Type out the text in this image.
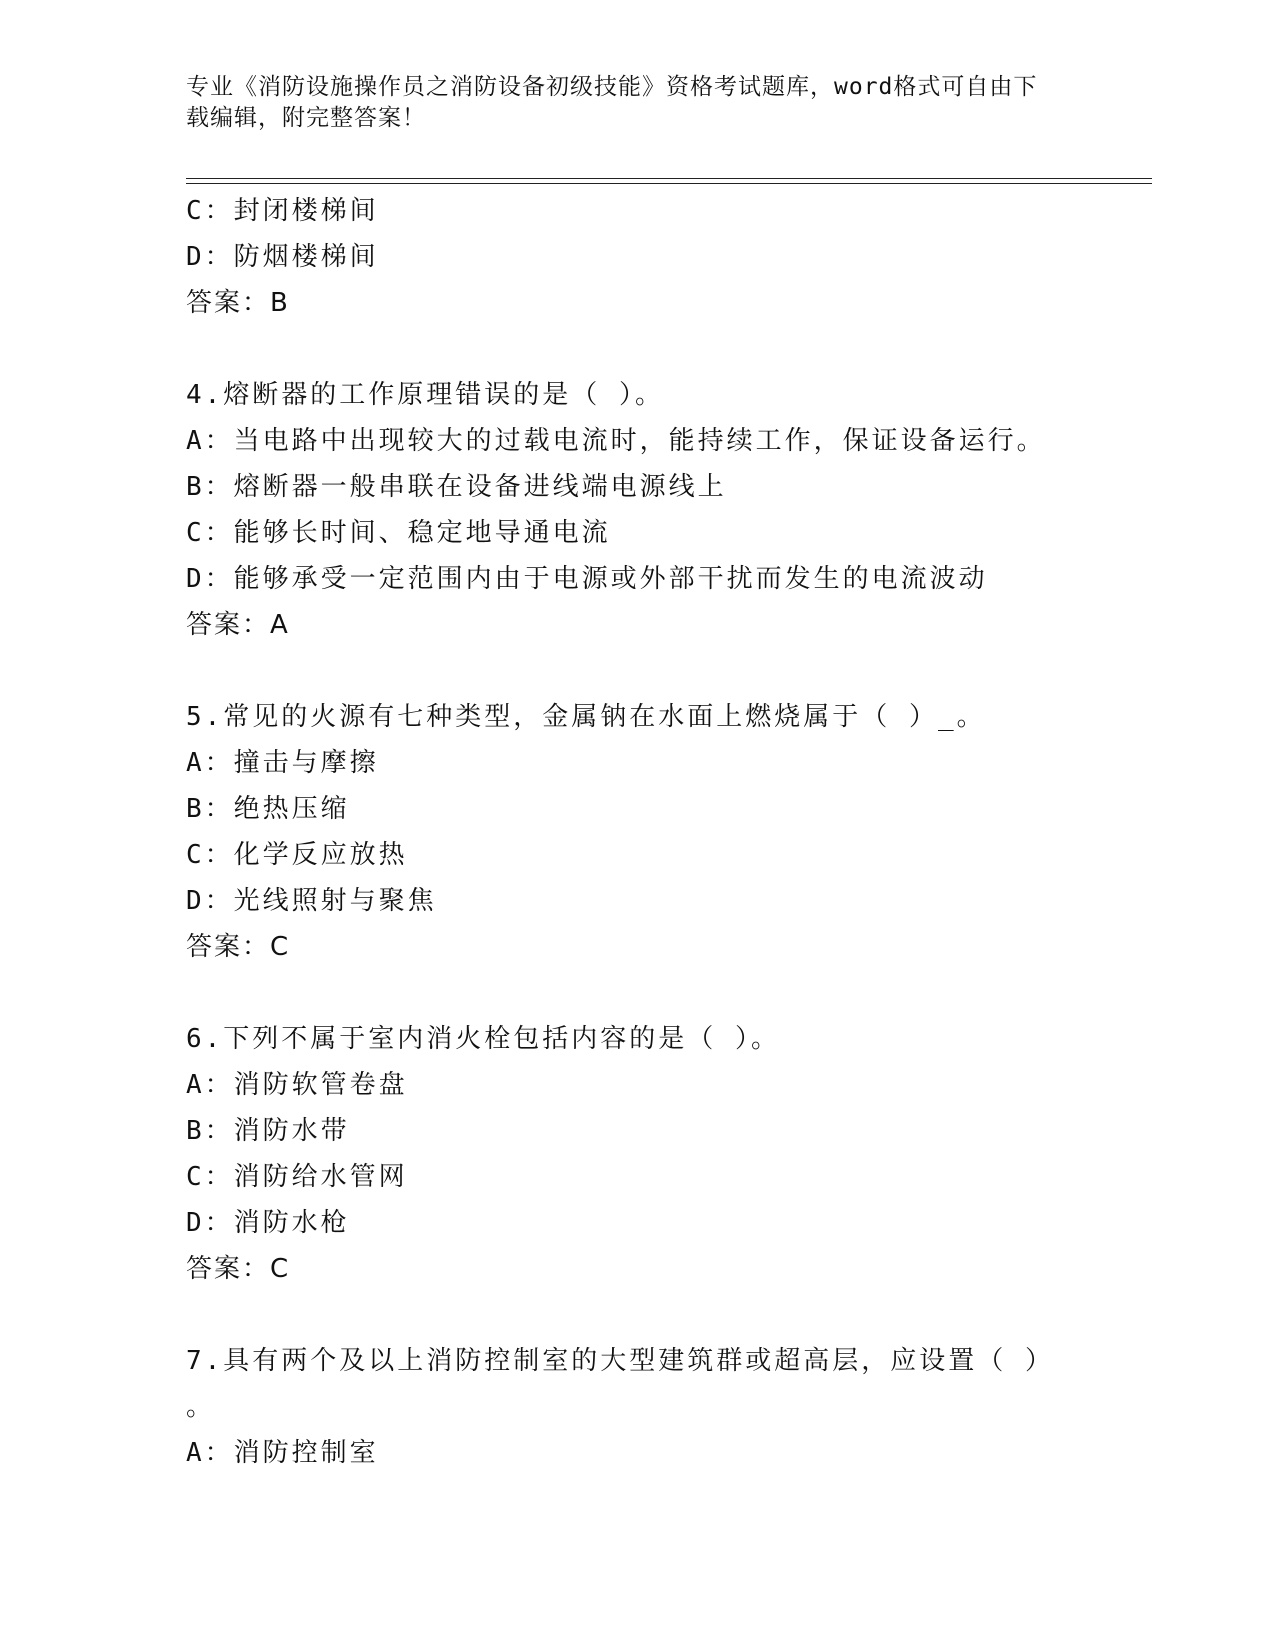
专业《消防设施操作员之消防设备初级技能》资格考试题库，word格式可自由下
载编辑，附完整答案！
C：封闭楼梯间
D：防烟楼梯间
答案：B
4.熔断器的工作原理错误的是（ ）。
A：当电路中出现较大的过载电流时，能持续工作，保证设备运行。
B：熔断器一般串联在设备进线端电源线上
C：能够长时间、稳定地导通电流
D：能够承受一定范围内由于电源或外部干扰而发生的电流波动
答案：A
5.常见的火源有七种类型，金属钠在水面上燃烧属于（ ）_。
A：撞击与摩擦
B：绝热压缩
C：化学反应放热
D：光线照射与聚焦
答案：C
6.下列不属于室内消火栓包括内容的是（ ）。
A：消防软管卷盘
B：消防水带
C：消防给水管网
D：消防水枪
答案：C
7.具有两个及以上消防控制室的大型建筑群或超高层，应设置（ ）
。
A：消防控制室
